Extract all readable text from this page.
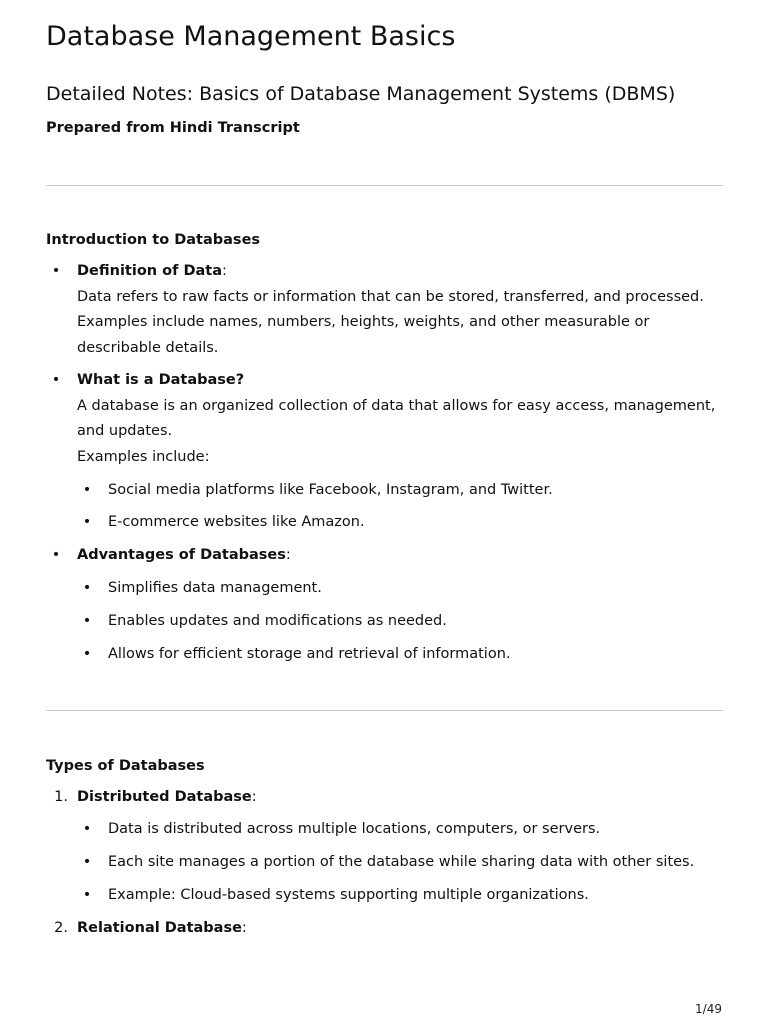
Database Management Basics
Detailed Notes: Basics of Database Management Systems (DBMS)
Prepared from Hindi Transcript
Introduction to Databases
•	Definition of Data:
Data refers to raw facts or information that can be stored, transferred, and processed.
Examples include names, numbers, heights, weights, and other measurable or
describable details.
•	What is a Database?
A database is an organized collection of data that allows for easy access, management,
and updates.
Examples include:
•	Social media platforms like Facebook, Instagram, and Twitter.
•	E-commerce websites like Amazon.
•	Advantages of Databases:
•	Simplifies data management.
•	Enables updates and modifications as needed.
•	Allows for efficient storage and retrieval of information.
Types of Databases
1. Distributed Database:
•	Data is distributed across multiple locations, computers, or servers.
•	Each site manages a portion of the database while sharing data with other sites.
•	Example: Cloud-based systems supporting multiple organizations.
2. Relational Database:
1/49
